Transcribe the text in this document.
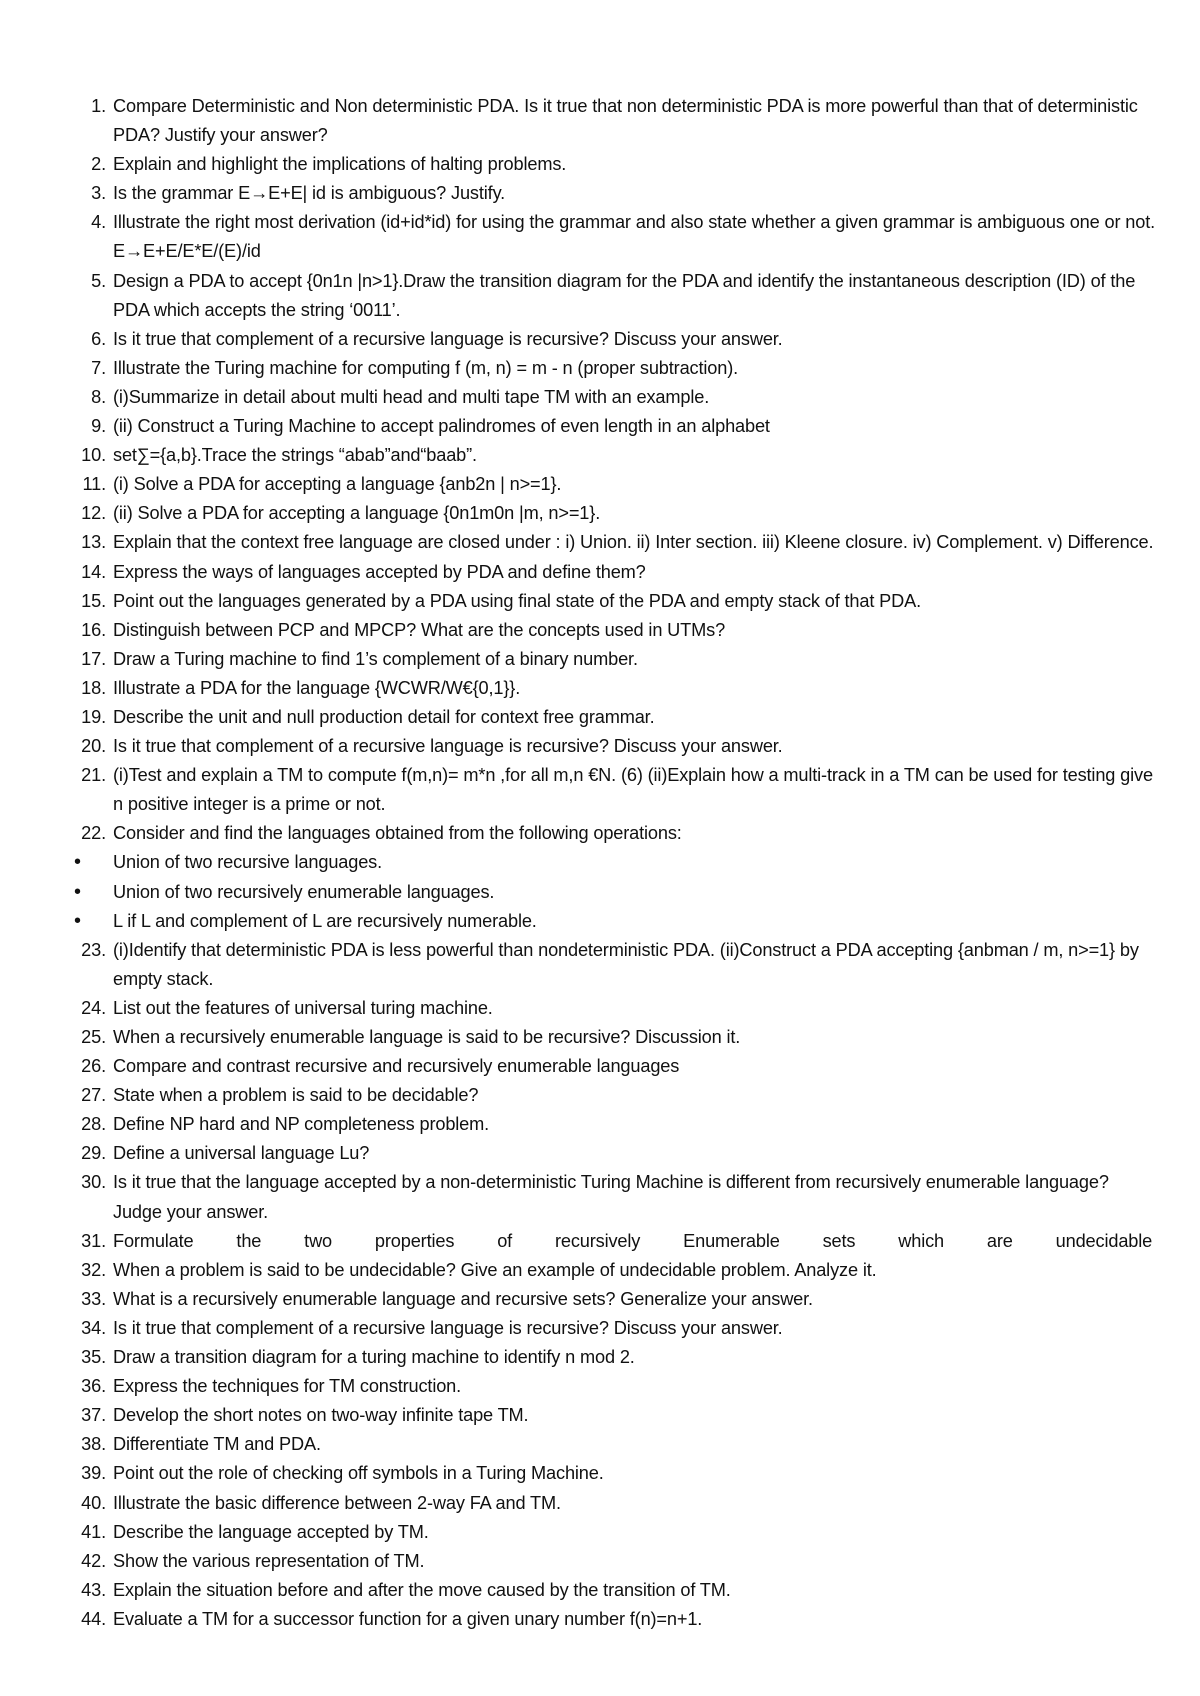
1. Compare Deterministic and Non deterministic PDA. Is it true that non deterministic PDA is more powerful than that of deterministic PDA? Justify your answer?
2. Explain and highlight the implications of halting problems.
3. Is the grammar E→E+E| id is ambiguous? Justify.
4. Illustrate the right most derivation (id+id*id) for using the grammar and also state whether a given grammar is ambiguous one or not. E→E+E/E*E/(E)/id
5. Design a PDA to accept {0n1n |n>1}.Draw the transition diagram for the PDA and identify the instantaneous description (ID) of the PDA which accepts the string ‘0011’.
6. Is it true that complement of a recursive language is recursive? Discuss your answer.
7. Illustrate the Turing machine for computing f (m, n) = m - n (proper subtraction).
8. (i)Summarize in detail about multi head and multi tape TM with an example.
9. (ii) Construct a Turing Machine to accept palindromes of even length in an alphabet
10. set∑={a,b}.Trace the strings “abab”and“baab”.
11. (i) Solve a PDA for accepting a language {anb2n | n>=1}.
12. (ii) Solve a PDA for accepting a language {0n1m0n |m, n>=1}.
13. Explain that the context free language are closed under : i) Union. ii) Inter section. iii) Kleene closure. iv) Complement. v) Difference.
14. Express the ways of languages accepted by PDA and define them?
15. Point out the languages generated by a PDA using final state of the PDA and empty stack of that PDA.
16. Distinguish between PCP and MPCP? What are the concepts used in UTMs?
17. Draw a Turing machine to find 1’s complement of a binary number.
18. Illustrate a PDA for the language {WCWR/W€{0,1}}.
19. Describe the unit and null production detail for context free grammar.
20. Is it true that complement of a recursive language is recursive? Discuss your answer.
21. (i)Test and explain a TM to compute f(m,n)= m*n ,for all m,n €N. (6) (ii)Explain how a multi-track in a TM can be used for testing give n positive integer is a prime or not.
22. Consider and find the languages obtained from the following operations:
•	Union of two recursive languages.
•	Union of two recursively enumerable languages.
•	L if L and complement of L are recursively numerable.
23. (i)Identify that deterministic PDA is less powerful than nondeterministic PDA. (ii)Construct a PDA accepting {anbman / m, n>=1} by empty stack.
24. List out the features of universal turing machine.
25. When a recursively enumerable language is said to be recursive? Discussion it.
26. Compare and contrast recursive and recursively enumerable languages
27. State when a problem is said to be decidable?
28. Define NP hard and NP completeness problem.
29. Define a universal language Lu?
30. Is it true that the language accepted by a non-deterministic Turing Machine is different from recursively enumerable language? Judge your answer.
31. Formulate the two properties of recursively Enumerable sets which are undecidable
32. When a problem is said to be undecidable? Give an example of undecidable problem. Analyze it.
33. What is a recursively enumerable language and recursive sets? Generalize your answer.
34. Is it true that complement of a recursive language is recursive? Discuss your answer.
35. Draw a transition diagram for a turing machine to identify n mod 2.
36. Express the techniques for TM construction.
37. Develop the short notes on two-way infinite tape TM.
38. Differentiate TM and PDA.
39. Point out the role of checking off symbols in a Turing Machine.
40. Illustrate the basic difference between 2-way FA and TM.
41. Describe the language accepted by TM.
42. Show the various representation of TM.
43. Explain the situation before and after the move caused by the transition of TM.
44. Evaluate a TM for a successor function for a given unary number f(n)=n+1.
